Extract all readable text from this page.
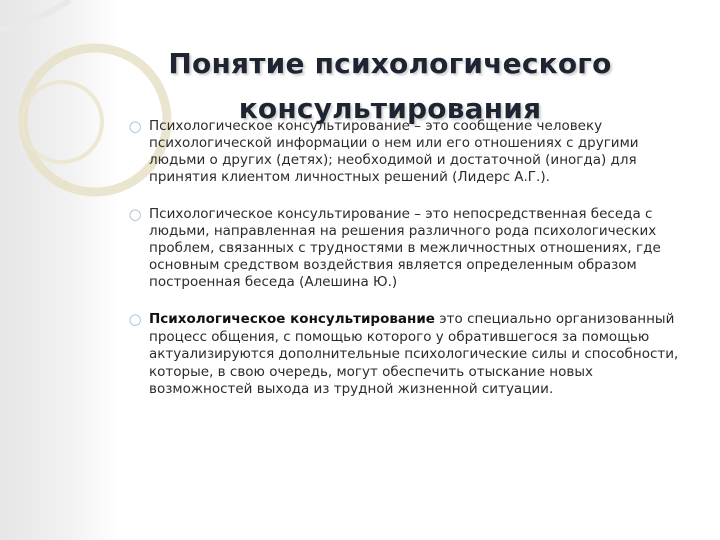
Понятие психологического консультирования
◯ Психологическое консультирование – это сообщение человеку психологической информации о нем или его отношениях с другими людьми о других (детях); необходимой и достаточной (иногда) для принятия клиентом личностных решений (Лидерс А.Г.).
◯ Психологическое консультирование – это непосредственная беседа с людьми, направленная на решения различного рода психологических проблем, связанных с трудностями в межличностных отношениях, где основным средством воздействия является определенным образом построенная беседа (Алешина Ю.)
◯ Психологическое консультирование это специально организованный процесс общения, с помощью которого у обратившегося за помощью актуализируются дополнительные психологические силы и способности, которые, в свою очередь, могут обеспечить отыскание новых возможностей выхода из трудной жизненной ситуации.
